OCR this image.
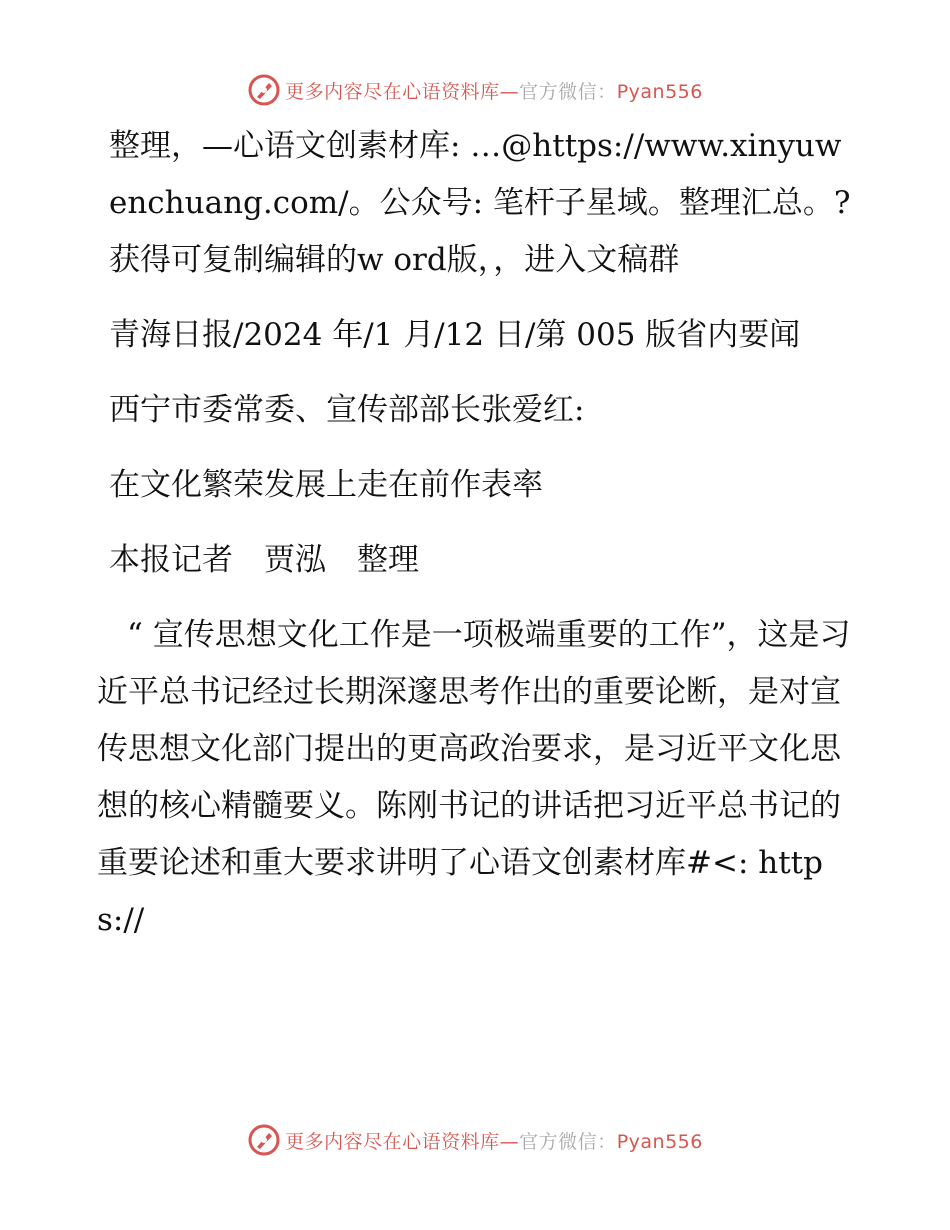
更多内容尽在心语资料库—官方微信：Pyan556

整理，—心语文创素材库: …@https://www.xinyuwenchuang.com/。公众号: 笔杆子星域。整理汇总。?获得可复制编辑的w ord版，，进入文稿群

青海日报/2024 年/1 月/12 日/第 005 版省内要闻

西宁市委常委、宣传部部长张爱红:

在文化繁荣发展上走在前作表率

本报记者　贾泓　整理

“ 宣传思想文化工作是一项极端重要的工作”，这是习近平总书记经过长期深邃思考作出的重要论断，是对宣传思想文化部门提出的更高政治要求，是习近平文化思想的核心精髓要义。陈刚书记的讲话把习近平总书记的重要论述和重大要求讲明了心语文创素材库#<: https://

更多内容尽在心语资料库—官方微信：Pyan556
